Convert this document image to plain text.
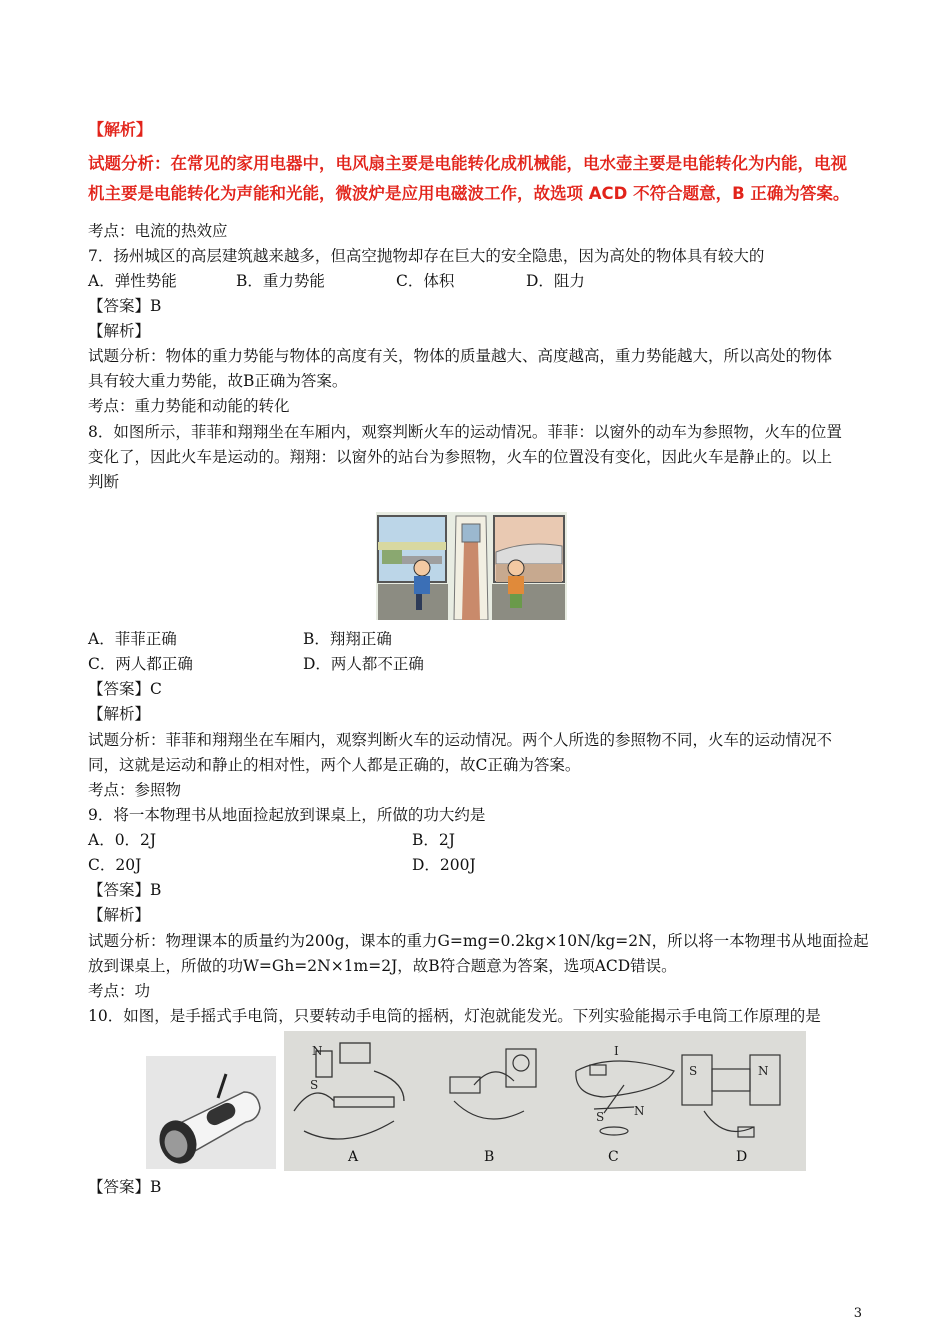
【解析】
试题分析：在常见的家用电器中，电风扇主要是电能转化成机械能，电水壶主要是电能转化为内能，电视
机主要是电能转化为声能和光能，微波炉是应用电磁波工作，故选项 ACD 不符合题意，B 正确为答案。
考点：电流的热效应
7．扬州城区的高层建筑越来越多，但高空抛物却存在巨大的安全隐患，因为高处的物体具有较大的
A．弹性势能	B．重力势能	C．体积	D．阻力
【答案】B
【解析】
试题分析：物体的重力势能与物体的高度有关，物体的质量越大、高度越高，重力势能越大，所以高处的物体
具有较大重力势能，故B正确为答案。
考点：重力势能和动能的转化
8．如图所示，菲菲和翔翔坐在车厢内，观察判断火车的运动情况。菲菲：以窗外的动车为参照物，火车的位置
变化了，因此火车是运动的。翔翔：以窗外的站台为参照物，火车的位置没有变化，因此火车是静止的。以上
判断
A．菲菲正确	B．翔翔正确
C．两人都正确	D．两人都不正确
【答案】C
【解析】
试题分析：菲菲和翔翔坐在车厢内，观察判断火车的运动情况。两个人所选的参照物不同，火车的运动情况不
同，这就是运动和静止的相对性，两个人都是正确的，故C正确为答案。
考点：参照物
9．将一本物理书从地面捡起放到课桌上，所做的功大约是
A．0．2J	B．2J
C．20J	D．200J
【答案】B
【解析】
试题分析：物理课本的质量约为200g，课本的重力G=mg=0.2kg×10N/kg=2N，所以将一本物理书从地面捡起
放到课桌上，所做的功W=Gh=2N×1m=2J，故B符合题意为答案，选项ACD错误。
考点：功
10．如图，是手摇式手电筒，只要转动手电筒的摇柄，灯泡就能发光。下列实验能揭示手电筒工作原理的是
N
S
I
S N
S	N
A	B	C	D
【答案】B
3
